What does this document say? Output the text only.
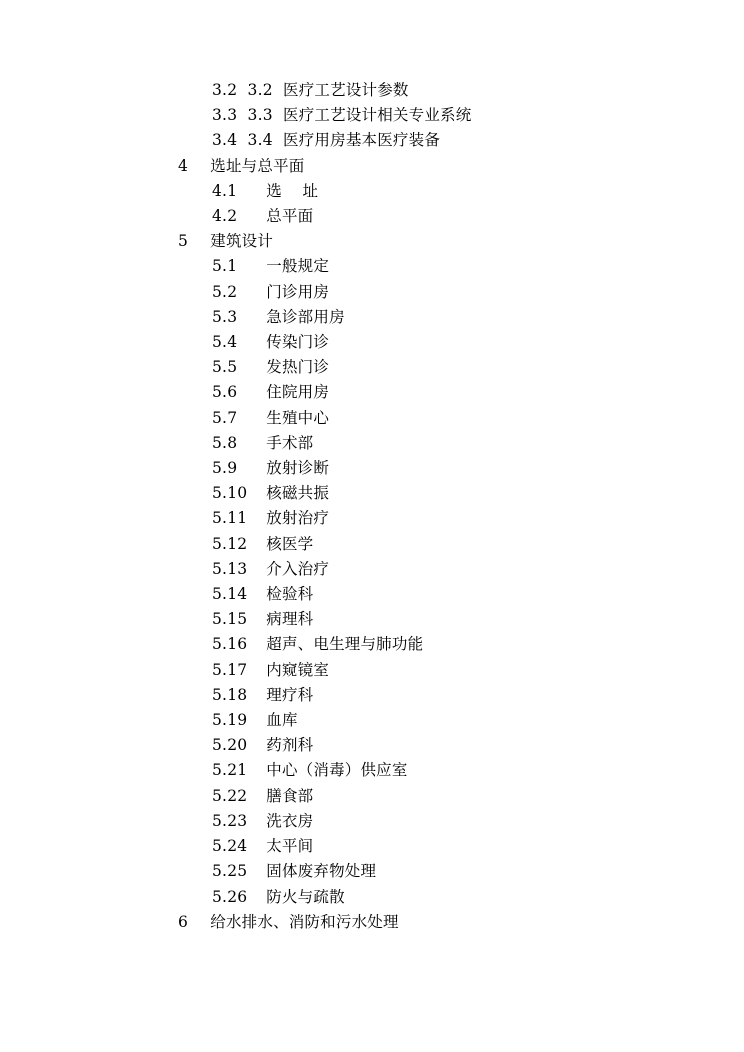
3.2  3.2 医疗工艺设计参数
3.3  3.3 医疗工艺设计相关专业系统
3.4  3.4 医疗用房基本医疗装备
4 选址与总平面
4.1 选    址
4.2 总平面
5 建筑设计
5.1 一般规定
5.2 门诊用房
5.3 急诊部用房
5.4 传染门诊
5.5 发热门诊
5.6 住院用房
5.7 生殖中心
5.8 手术部
5.9 放射诊断
5.10 核磁共振
5.11 放射治疗
5.12 核医学
5.13 介入治疗
5.14 检验科
5.15 病理科
5.16 超声、电生理与肺功能
5.17 内窥镜室
5.18 理疗科
5.19 血库
5.20 药剂科
5.21 中心（消毒）供应室
5.22 膳食部
5.23 洗衣房
5.24 太平间
5.25 固体废弃物处理
5.26 防火与疏散
6 给水排水、消防和污水处理
